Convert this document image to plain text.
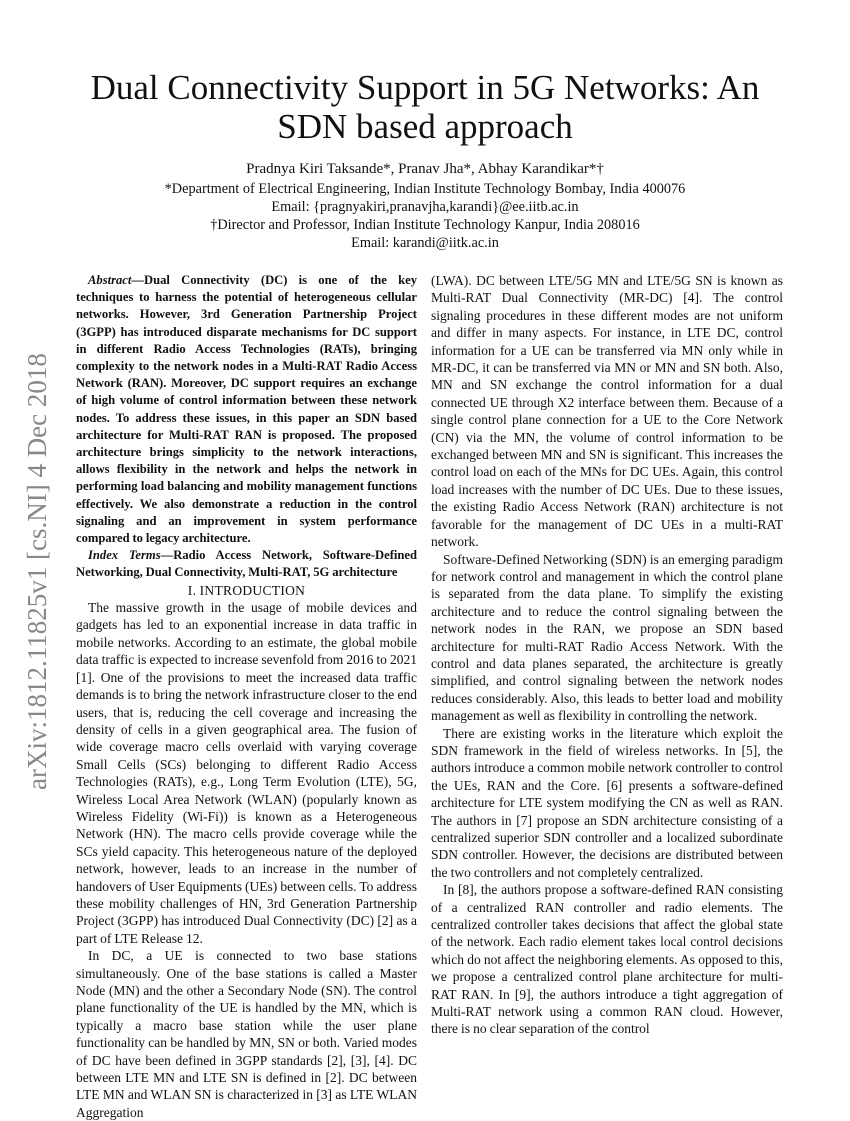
arXiv:1812.11825v1 [cs.NI] 4 Dec 2018
Dual Connectivity Support in 5G Networks: An
SDN based approach
Pradnya Kiri Taksande*, Pranav Jha*, Abhay Karandikar*†
*Department of Electrical Engineering, Indian Institute Technology Bombay, India 400076
Email: {pragnyakiri,pranavjha,karandi}@ee.iitb.ac.in
†Director and Professor, Indian Institute Technology Kanpur, India 208016
Email: karandi@iitk.ac.in

Abstract—Dual Connectivity (DC) is one of the key techniques to harness the potential of heterogeneous cellular networks. However, 3rd Generation Partnership Project (3GPP) has introduced disparate mechanisms for DC support in different Radio Access Technologies (RATs), bringing complexity to the network nodes in a Multi-RAT Radio Access Network (RAN). Moreover, DC support requires an exchange of high volume of control information between these network nodes. To address these issues, in this paper an SDN based architecture for Multi-RAT RAN is proposed. The proposed architecture brings simplicity to the network interactions, allows flexibility in the network and helps the network in performing load balancing and mobility management functions effectively. We also demonstrate a reduction in the control signaling and an improvement in system performance compared to legacy architecture.

Index Terms—Radio Access Network, Software-Defined Networking, Dual Connectivity, Multi-RAT, 5G architecture

I. INTRODUCTION

The massive growth in the usage of mobile devices and gadgets has led to an exponential increase in data traffic in mobile networks. According to an estimate, the global mobile data traffic is expected to increase sevenfold from 2016 to 2021 [1]. One of the provisions to meet the increased data traffic demands is to bring the network infrastructure closer to the end users, that is, reducing the cell coverage and increasing the density of cells in a given geographical area. The fusion of wide coverage macro cells overlaid with varying coverage Small Cells (SCs) belonging to different Radio Access Technologies (RATs), e.g., Long Term Evolution (LTE), 5G, Wireless Local Area Network (WLAN) (popularly known as Wireless Fidelity (Wi-Fi)) is known as a Heterogeneous Network (HN). The macro cells provide coverage while the SCs yield capacity. This heterogeneous nature of the deployed network, however, leads to an increase in the number of handovers of User Equipments (UEs) between cells. To address these mobility challenges of HN, 3rd Generation Partnership Project (3GPP) has introduced Dual Connectivity (DC) [2] as a part of LTE Release 12.

In DC, a UE is connected to two base stations simultaneously. One of the base stations is called a Master Node (MN) and the other a Secondary Node (SN). The control plane functionality of the UE is handled by the MN, which is typically a macro base station while the user plane functionality can be handled by MN, SN or both. Varied modes of DC have been defined in 3GPP standards [2], [3], [4]. DC between LTE MN and LTE SN is defined in [2]. DC between LTE MN and WLAN SN is characterized in [3] as LTE WLAN Aggregation

(LWA). DC between LTE/5G MN and LTE/5G SN is known as Multi-RAT Dual Connectivity (MR-DC) [4]. The control signaling procedures in these different modes are not uniform and differ in many aspects. For instance, in LTE DC, control information for a UE can be transferred via MN only while in MR-DC, it can be transferred via MN or MN and SN both. Also, MN and SN exchange the control information for a dual connected UE through X2 interface between them. Because of a single control plane connection for a UE to the Core Network (CN) via the MN, the volume of control information to be exchanged between MN and SN is significant. This increases the control load on each of the MNs for DC UEs. Again, this control load increases with the number of DC UEs. Due to these issues, the existing Radio Access Network (RAN) architecture is not favorable for the management of DC UEs in a multi-RAT network.

Software-Defined Networking (SDN) is an emerging paradigm for network control and management in which the control plane is separated from the data plane. To simplify the existing architecture and to reduce the control signaling between the network nodes in the RAN, we propose an SDN based architecture for multi-RAT Radio Access Network. With the control and data planes separated, the architecture is greatly simplified, and control signaling between the network nodes reduces considerably. Also, this leads to better load and mobility management as well as flexibility in controlling the network.

There are existing works in the literature which exploit the SDN framework in the field of wireless networks. In [5], the authors introduce a common mobile network controller to control the UEs, RAN and the Core. [6] presents a software-defined architecture for LTE system modifying the CN as well as RAN. The authors in [7] propose an SDN architecture consisting of a centralized superior SDN controller and a localized subordinate SDN controller. However, the decisions are distributed between the two controllers and not completely centralized.

In [8], the authors propose a software-defined RAN consisting of a centralized RAN controller and radio elements. The centralized controller takes decisions that affect the global state of the network. Each radio element takes local control decisions which do not affect the neighboring elements. As opposed to this, we propose a centralized control plane architecture for multi-RAT RAN. In [9], the authors introduce a tight aggregation of Multi-RAT network using a common RAN cloud. However, there is no clear separation of the control
